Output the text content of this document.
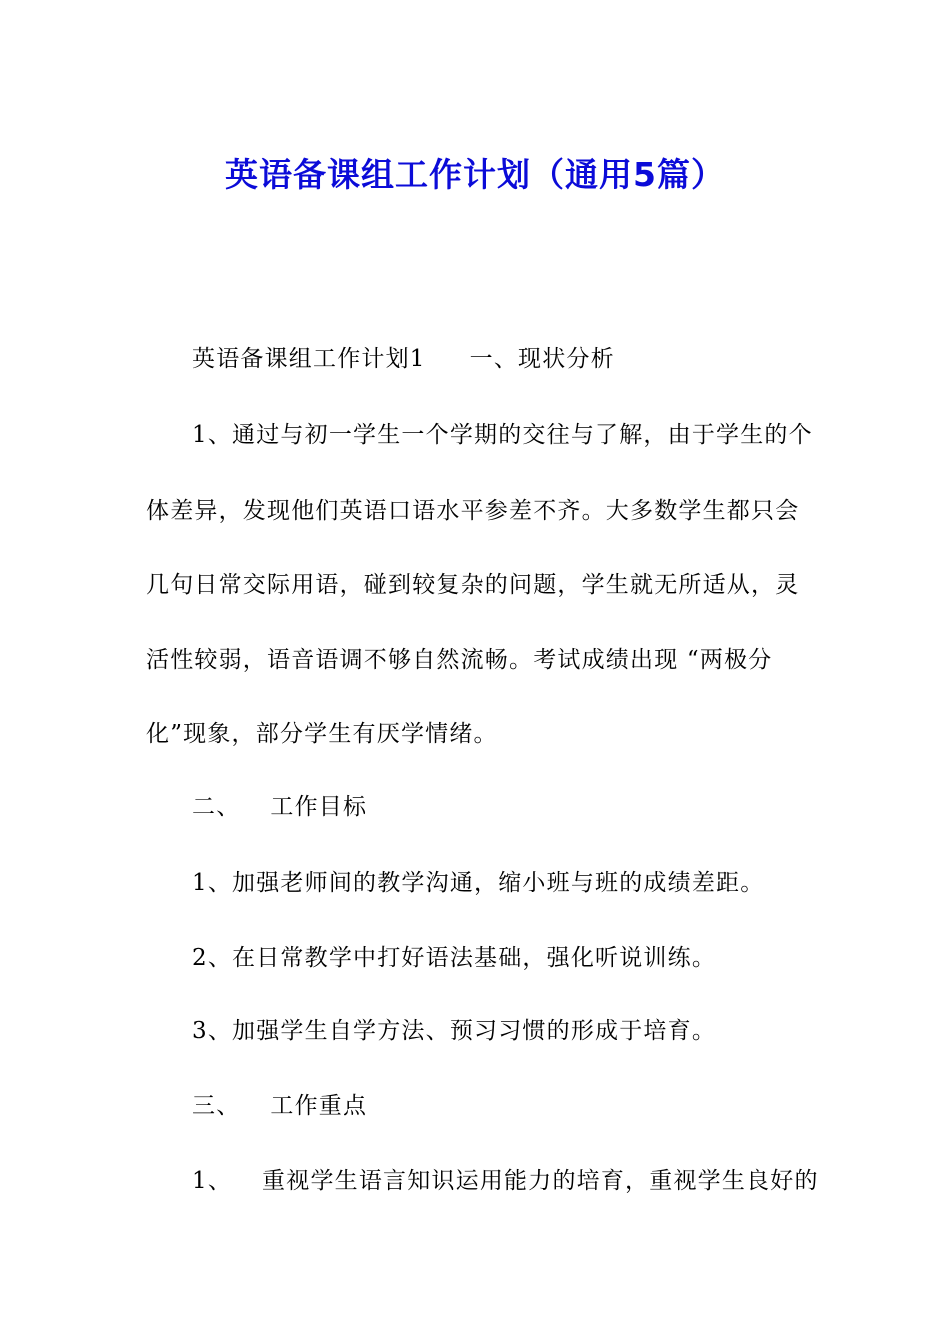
英语备课组工作计划（通用5篇）
英语备课组工作计划1 一、现状分析
1、通过与初一学生一个学期的交往与了解，由于学生的个
体差异，发现他们英语口语水平参差不齐。大多数学生都只会
几句日常交际用语，碰到较复杂的问题，学生就无所适从，灵
活性较弱，语音语调不够自然流畅。考试成绩出现 “两极分
化”现象，部分学生有厌学情绪。
二、 工作目标
1、加强老师间的教学沟通，缩小班与班的成绩差距。
2、在日常教学中打好语法基础，强化听说训练。
3、加强学生自学方法、预习习惯的形成于培育。
三、 工作重点
1、 重视学生语言知识运用能力的培育，重视学生良好的
